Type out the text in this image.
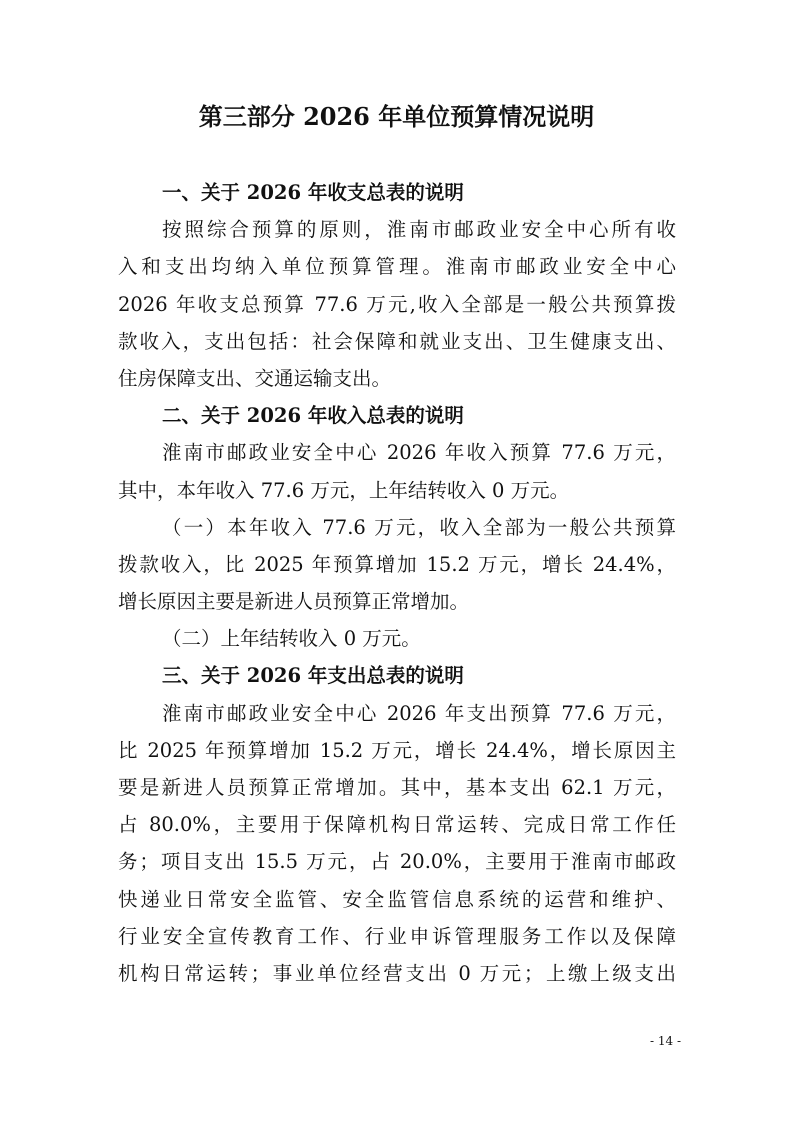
第三部分 2026 年单位预算情况说明
一、关于 2026 年收支总表的说明
按照综合预算的原则，淮南市邮政业安全中心所有收
入和支出均纳入单位预算管理。淮南市邮政业安全中心
2026 年收支总预算 77.6 万元,收入全部是一般公共预算拨
款收入，支出包括：社会保障和就业支出、卫生健康支出、
住房保障支出、交通运输支出。
二、关于 2026 年收入总表的说明
淮南市邮政业安全中心 2026 年收入预算 77.6 万元，
其中，本年收入 77.6 万元，上年结转收入 0 万元。
（一）本年收入 77.6 万元，收入全部为一般公共预算
拨款收入，比 2025 年预算增加 15.2 万元，增长 24.4%，
增长原因主要是新进人员预算正常增加。
（二）上年结转收入 0 万元。
三、关于 2026 年支出总表的说明
淮南市邮政业安全中心 2026 年支出预算 77.6 万元，
比 2025 年预算增加 15.2 万元，增长 24.4%，增长原因主
要是新进人员预算正常增加。其中，基本支出 62.1 万元，
占 80.0%，主要用于保障机构日常运转、完成日常工作任
务；项目支出 15.5 万元，占 20.0%，主要用于淮南市邮政
快递业日常安全监管、安全监管信息系统的运营和维护、
行业安全宣传教育工作、行业申诉管理服务工作以及保障
机构日常运转；事业单位经营支出 0 万元；上缴上级支出
- 14 -
